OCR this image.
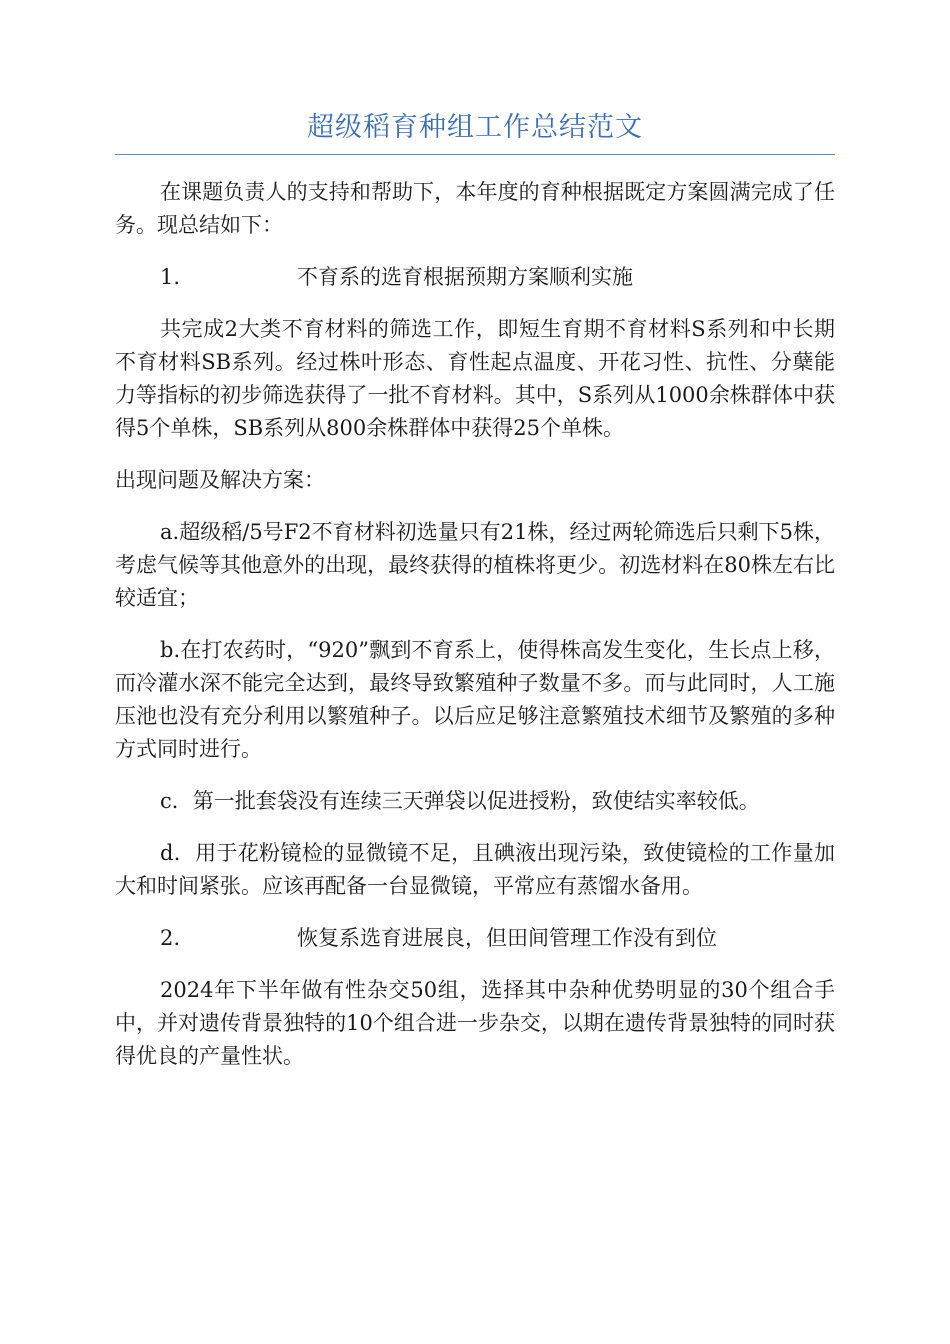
超级稻育种组工作总结范文

在课题负责人的支持和帮助下，本年度的育种根据既定方案圆满完成了任务。现总结如下：

1.	不育系的选育根据预期方案顺利实施

共完成2大类不育材料的筛选工作，即短生育期不育材料S系列和中长期不育材料SB系列。经过株叶形态、育性起点温度、开花习性、抗性、分蘖能力等指标的初步筛选获得了一批不育材料。其中，S系列从1000余株群体中获得5个单株，SB系列从800余株群体中获得25个单株。

出现问题及解决方案：

a.超级稻/5号F2不育材料初选量只有21株，经过两轮筛选后只剩下5株，考虑气候等其他意外的出现，最终获得的植株将更少。初选材料在80株左右比较适宜；

b.在打农药时，“920”飘到不育系上，使得株高发生变化，生长点上移，而冷灌水深不能完全达到，最终导致繁殖种子数量不多。而与此同时，人工施压池也没有充分利用以繁殖种子。以后应足够注意繁殖技术细节及繁殖的多种方式同时进行。

c．第一批套袋没有连续三天弹袋以促进授粉，致使结实率较低。

d．用于花粉镜检的显微镜不足，且碘液出现污染，致使镜检的工作量加大和时间紧张。应该再配备一台显微镜，平常应有蒸馏水备用。

2.	恢复系选育进展良，但田间管理工作没有到位

2024年下半年做有性杂交50组，选择其中杂种优势明显的30个组合手中，并对遗传背景独特的10个组合进一步杂交，以期在遗传背景独特的同时获得优良的产量性状。
